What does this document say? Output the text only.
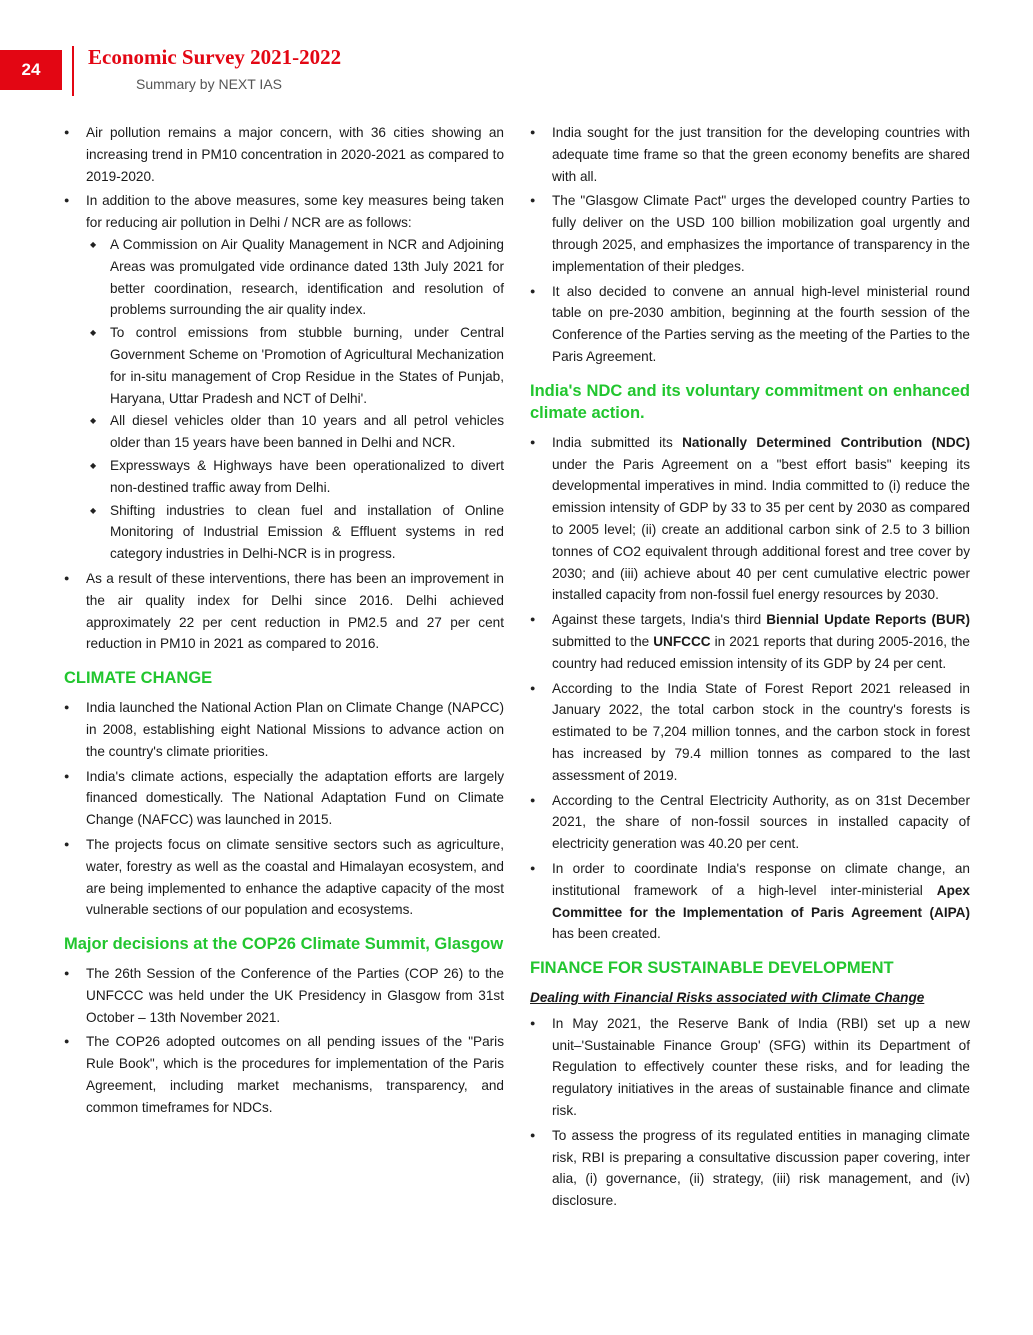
24
Economic Survey 2021-2022
Summary by NEXT IAS
● Air pollution remains a major concern, with 36 cities showing an increasing trend in PM10 concentration in 2020-2021 as compared to 2019-2020.
● In addition to the above measures, some key measures being taken for reducing air pollution in Delhi / NCR are as follows:
◆ A Commission on Air Quality Management in NCR and Adjoining Areas was promulgated vide ordinance dated 13th July 2021 for better coordination, research, identification and resolution of problems surrounding the air quality index.
◆ To control emissions from stubble burning, under Central Government Scheme on 'Promotion of Agricultural Mechanization for in-situ management of Crop Residue in the States of Punjab, Haryana, Uttar Pradesh and NCT of Delhi'.
◆ All diesel vehicles older than 10 years and all petrol vehicles older than 15 years have been banned in Delhi and NCR.
◆ Expressways & Highways have been operationalized to divert non-destined traffic away from Delhi.
◆ Shifting industries to clean fuel and installation of Online Monitoring of Industrial Emission & Effluent systems in red category industries in Delhi-NCR is in progress.
● As a result of these interventions, there has been an improvement in the air quality index for Delhi since 2016. Delhi achieved approximately 22 per cent reduction in PM2.5 and 27 per cent reduction in PM10 in 2021 as compared to 2016.
CLIMATE CHANGE
● India launched the National Action Plan on Climate Change (NAPCC) in 2008, establishing eight National Missions to advance action on the country's climate priorities.
● India's climate actions, especially the adaptation efforts are largely financed domestically. The National Adaptation Fund on Climate Change (NAFCC) was launched in 2015.
● The projects focus on climate sensitive sectors such as agriculture, water, forestry as well as the coastal and Himalayan ecosystem, and are being implemented to enhance the adaptive capacity of the most vulnerable sections of our population and ecosystems.
Major decisions at the COP26 Climate Summit, Glasgow
● The 26th Session of the Conference of the Parties (COP 26) to the UNFCCC was held under the UK Presidency in Glasgow from 31st October – 13th November 2021.
● The COP26 adopted outcomes on all pending issues of the "Paris Rule Book", which is the procedures for implementation of the Paris Agreement, including market mechanisms, transparency, and common timeframes for NDCs.
● India sought for the just transition for the developing countries with adequate time frame so that the green economy benefits are shared with all.
● The "Glasgow Climate Pact" urges the developed country Parties to fully deliver on the USD 100 billion mobilization goal urgently and through 2025, and emphasizes the importance of transparency in the implementation of their pledges.
● It also decided to convene an annual high-level ministerial round table on pre-2030 ambition, beginning at the fourth session of the Conference of the Parties serving as the meeting of the Parties to the Paris Agreement.
India's NDC and its voluntary commitment on enhanced climate action.
● India submitted its Nationally Determined Contribution (NDC) under the Paris Agreement on a "best effort basis" keeping its developmental imperatives in mind. India committed to (i) reduce the emission intensity of GDP by 33 to 35 per cent by 2030 as compared to 2005 level; (ii) create an additional carbon sink of 2.5 to 3 billion tonnes of CO2 equivalent through additional forest and tree cover by 2030; and (iii) achieve about 40 per cent cumulative electric power installed capacity from non-fossil fuel energy resources by 2030.
● Against these targets, India's third Biennial Update Reports (BUR) submitted to the UNFCCC in 2021 reports that during 2005-2016, the country had reduced emission intensity of its GDP by 24 per cent.
● According to the India State of Forest Report 2021 released in January 2022, the total carbon stock in the country's forests is estimated to be 7,204 million tonnes, and the carbon stock in forest has increased by 79.4 million tonnes as compared to the last assessment of 2019.
● According to the Central Electricity Authority, as on 31st December 2021, the share of non-fossil sources in installed capacity of electricity generation was 40.20 per cent.
● In order to coordinate India's response on climate change, an institutional framework of a high-level inter-ministerial Apex Committee for the Implementation of Paris Agreement (AIPA) has been created.
FINANCE FOR SUSTAINABLE DEVELOPMENT
Dealing with Financial Risks associated with Climate Change
● In May 2021, the Reserve Bank of India (RBI) set up a new unit–'Sustainable Finance Group' (SFG) within its Department of Regulation to effectively counter these risks, and for leading the regulatory initiatives in the areas of sustainable finance and climate risk.
● To assess the progress of its regulated entities in managing climate risk, RBI is preparing a consultative discussion paper covering, inter alia, (i) governance, (ii) strategy, (iii) risk management, and (iv) disclosure.
